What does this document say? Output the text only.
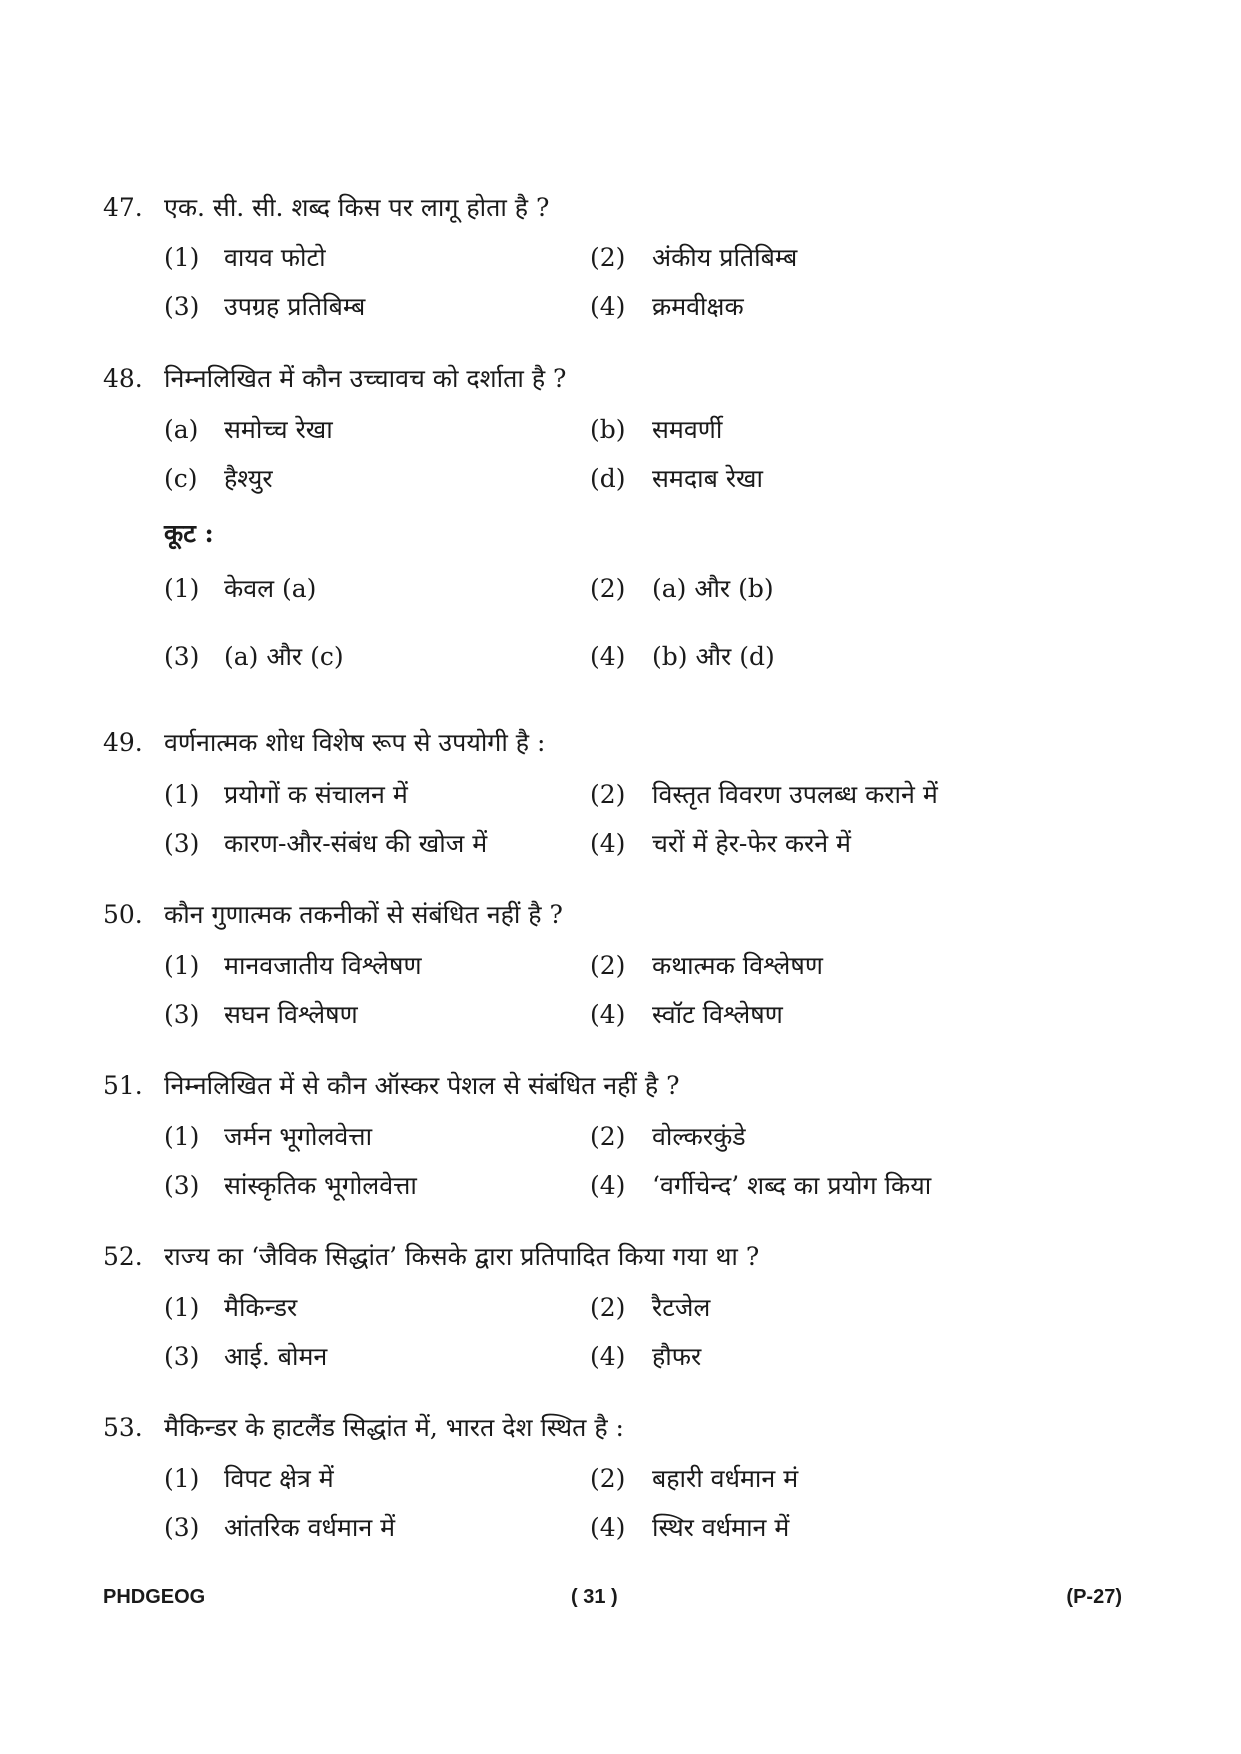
47. एक. सी. सी. शब्द किस पर लागू होता है ?
(1) वायव फोटो	(2) अंकीय प्रतिबिम्ब
(3) उपग्रह प्रतिबिम्ब	(4) क्रमवीक्षक
48. निम्नलिखित में कौन उच्चावच को दर्शाता है ?
(a) समोच्च रेखा	(b) समवर्णी
(c) हैश्युर	(d) समदाब रेखा
कूट :
(1) केवल (a)	(2) (a) और (b)
(3) (a) और (c)	(4) (b) और (d)
49. वर्णनात्मक शोध विशेष रूप से उपयोगी है :
(1) प्रयोगों क संचालन में	(2) विस्तृत विवरण उपलब्ध कराने में
(3) कारण-और-संबंध की खोज में	(4) चरों में हेर-फेर करने में
50. कौन गुणात्मक तकनीकों से संबंधित नहीं है ?
(1) मानवजातीय विश्लेषण	(2) कथात्मक विश्लेषण
(3) सघन विश्लेषण	(4) स्वॉट विश्लेषण
51. निम्नलिखित में से कौन ऑस्कर पेशल से संबंधित नहीं है ?
(1) जर्मन भूगोलवेत्ता	(2) वोल्करकुंडे
(3) सांस्कृतिक भूगोलवेत्ता	(4) ‘वर्गीचेन्द’ शब्द का प्रयोग किया
52. राज्य का ‘जैविक सिद्धांत’ किसके द्वारा प्रतिपादित किया गया था ?
(1) मैकिन्डर	(2) रैटजेल
(3) आई. बोमन	(4) हौफर
53. मैकिन्डर के हाटलैंड सिद्धांत में, भारत देश स्थित है :
(1) विपट क्षेत्र में	(2) बहारी वर्धमान मं
(3) आंतरिक वर्धमान में	(4) स्थिर वर्धमान में
PHDGEOG	( 31 )	(P-27)
